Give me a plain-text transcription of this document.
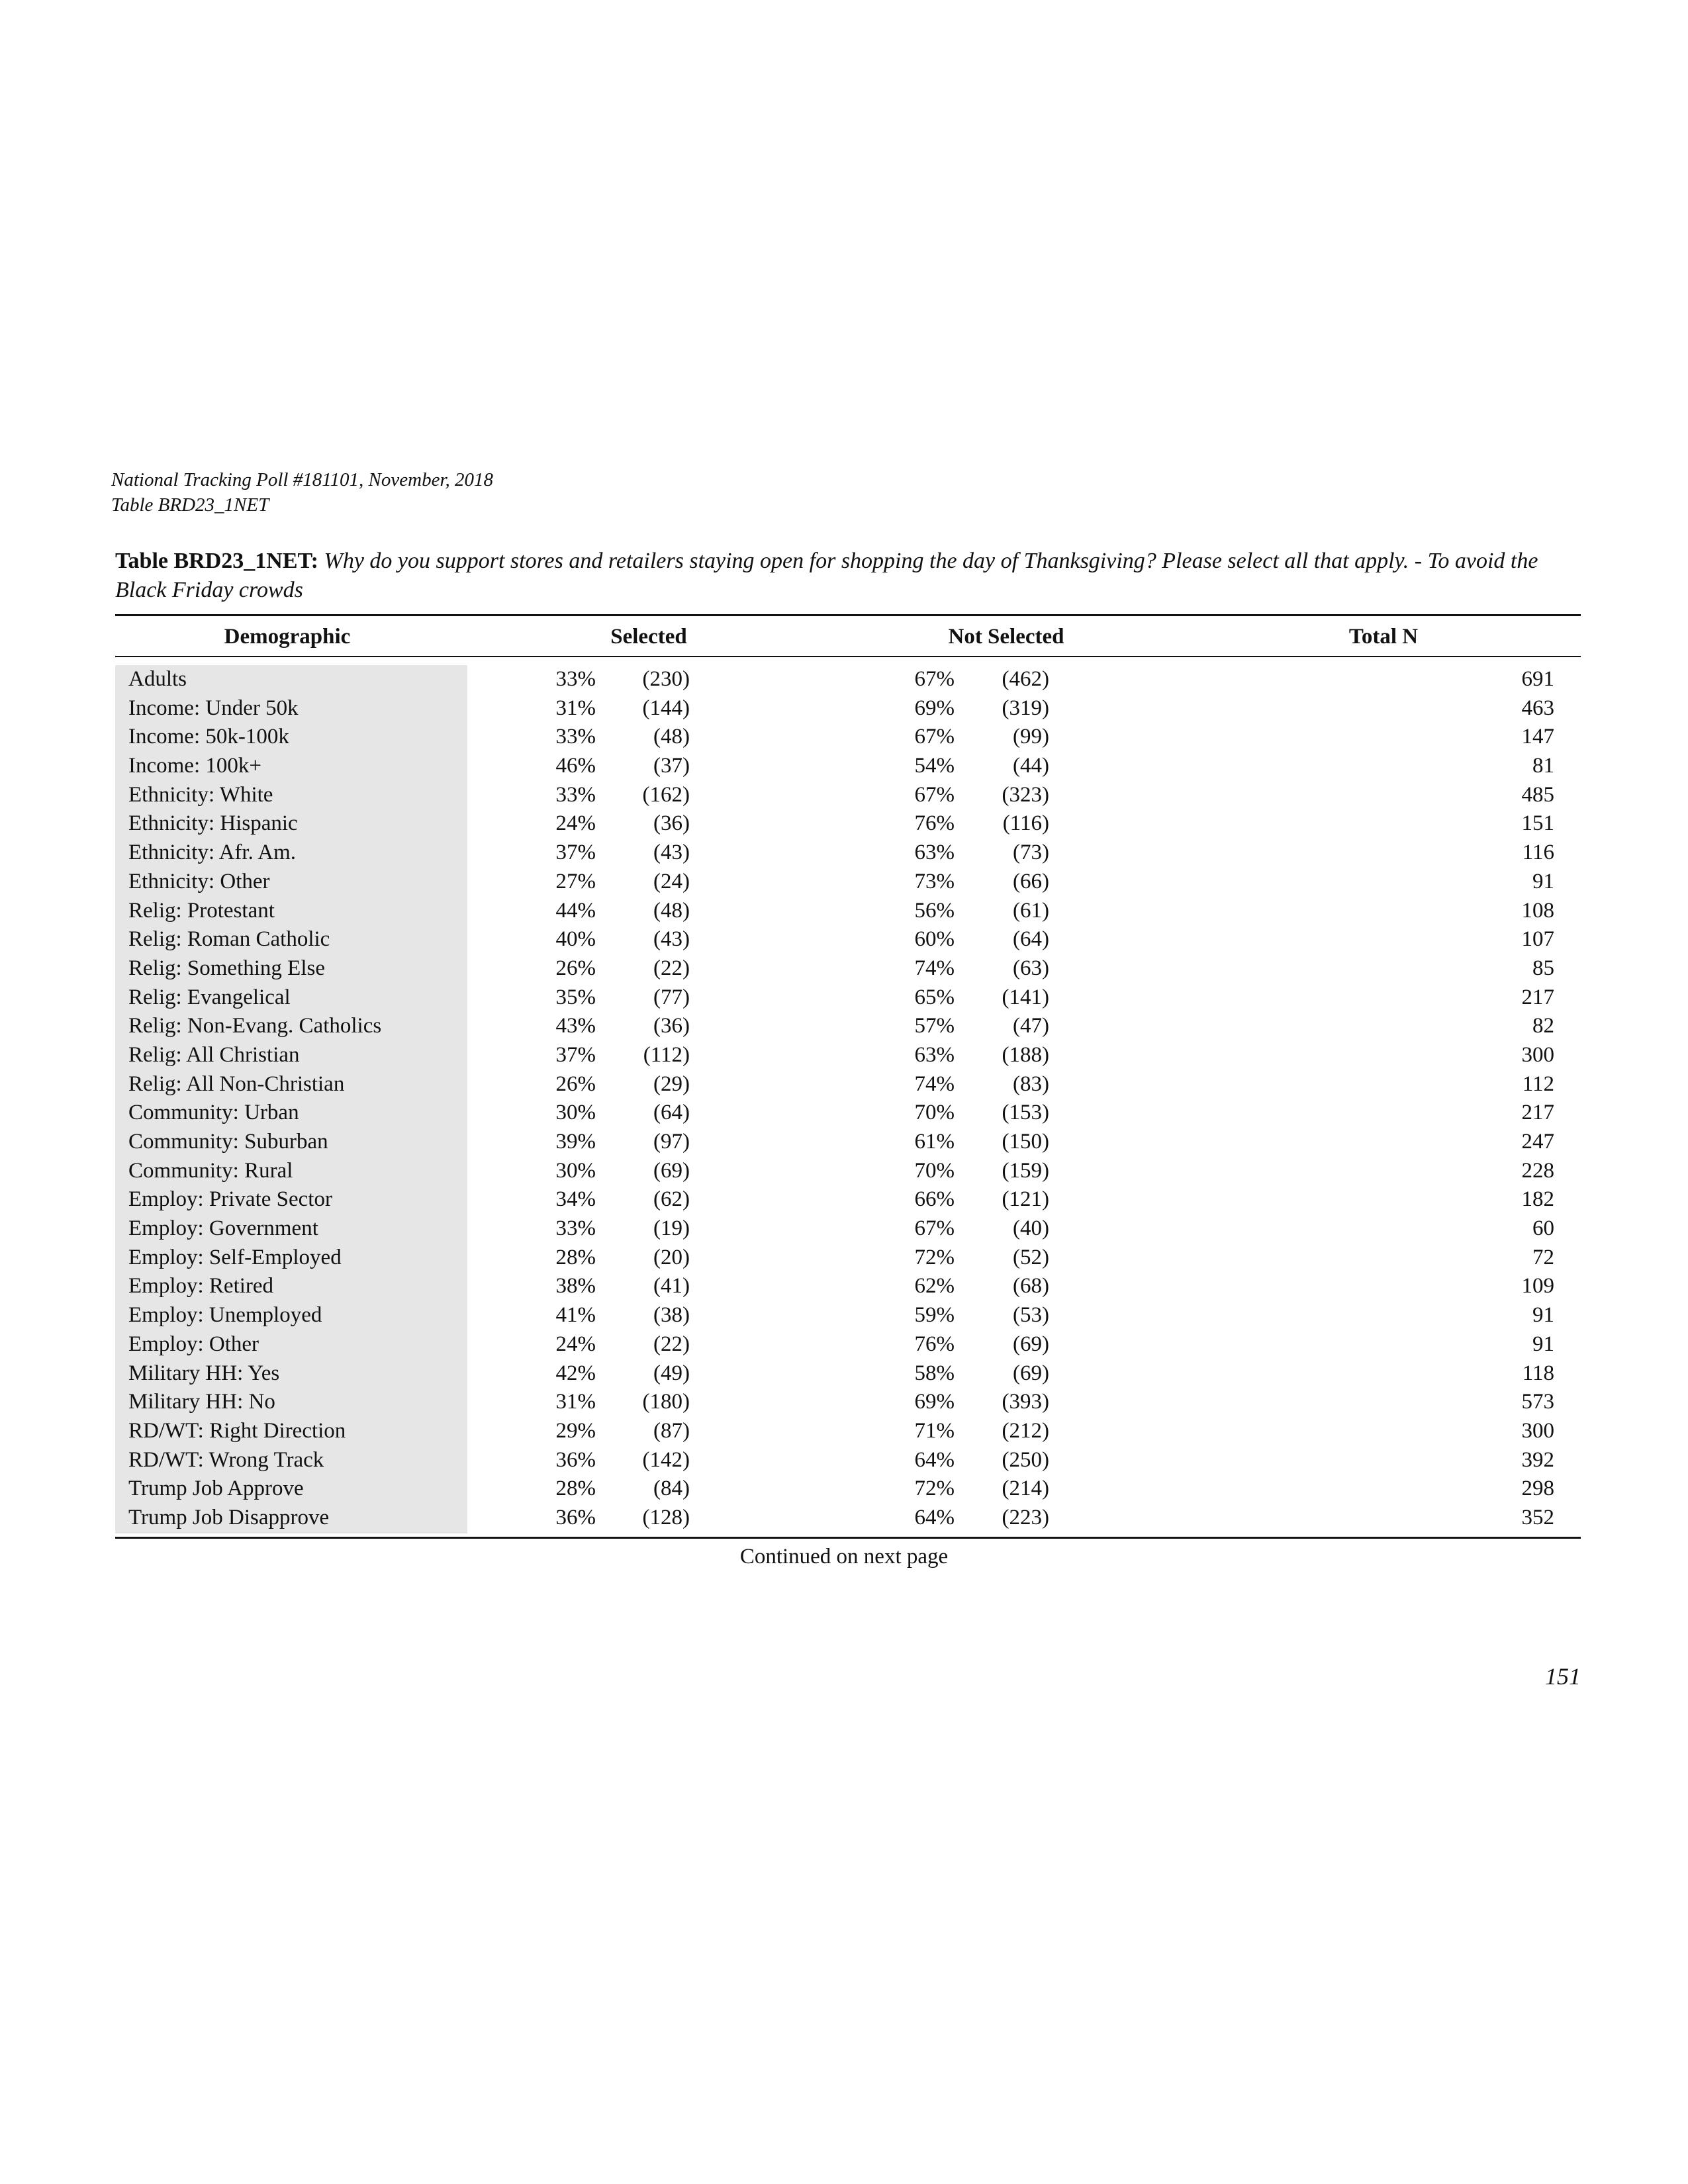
National Tracking Poll #181101, November, 2018
Table BRD23_1NET
Table BRD23_1NET: Why do you support stores and retailers staying open for shopping the day of Thanksgiving? Please select all that apply. - To avoid the Black Friday crowds
Demographic	Selected	Not Selected	Total N
Adults	33% (230)	67% (462)	691
Income: Under 50k	31% (144)	69% (319)	463
Income: 50k-100k	33%	(48)	67%	(99)	147
Income: 100k+	46%	(37)	54%	(44)	81
Ethnicity: White	33% (162)	67% (323)	485
Ethnicity: Hispanic	24%	(36)	76% (116)	151
Ethnicity: Afr. Am.	37%	(43)	63%	(73)	116
Ethnicity: Other	27%	(24)	73%	(66)	91
Relig: Protestant	44%	(48)	56%	(61)	108
Relig: Roman Catholic	40%	(43)	60%	(64)	107
Relig: Something Else	26%	(22)	74%	(63)	85
Relig: Evangelical	35%	(77)	65% (141)	217
Relig: Non-Evang. Catholics	43%	(36)	57%	(47)	82
Relig: All Christian	37% (112)	63% (188)	300
Relig: All Non-Christian	26%	(29)	74%	(83)	112
Community: Urban	30%	(64)	70% (153)	217
Community: Suburban	39%	(97)	61% (150)	247
Community: Rural	30%	(69)	70% (159)	228
Employ: Private Sector	34%	(62)	66% (121)	182
Employ: Government	33%	(19)	67%	(40)	60
Employ: Self-Employed	28%	(20)	72%	(52)	72
Employ: Retired	38%	(41)	62%	(68)	109
Employ: Unemployed	41%	(38)	59%	(53)	91
Employ: Other	24%	(22)	76%	(69)	91
Military HH: Yes	42%	(49)	58%	(69)	118
Military HH: No	31% (180)	69% (393)	573
RD/WT: Right Direction	29%	(87)	71% (212)	300
RD/WT: Wrong Track	36% (142)	64% (250)	392
Trump Job Approve	28%	(84)	72% (214)	298
Trump Job Disapprove	36% (128)	64% (223)	352
Continued on next page
151
